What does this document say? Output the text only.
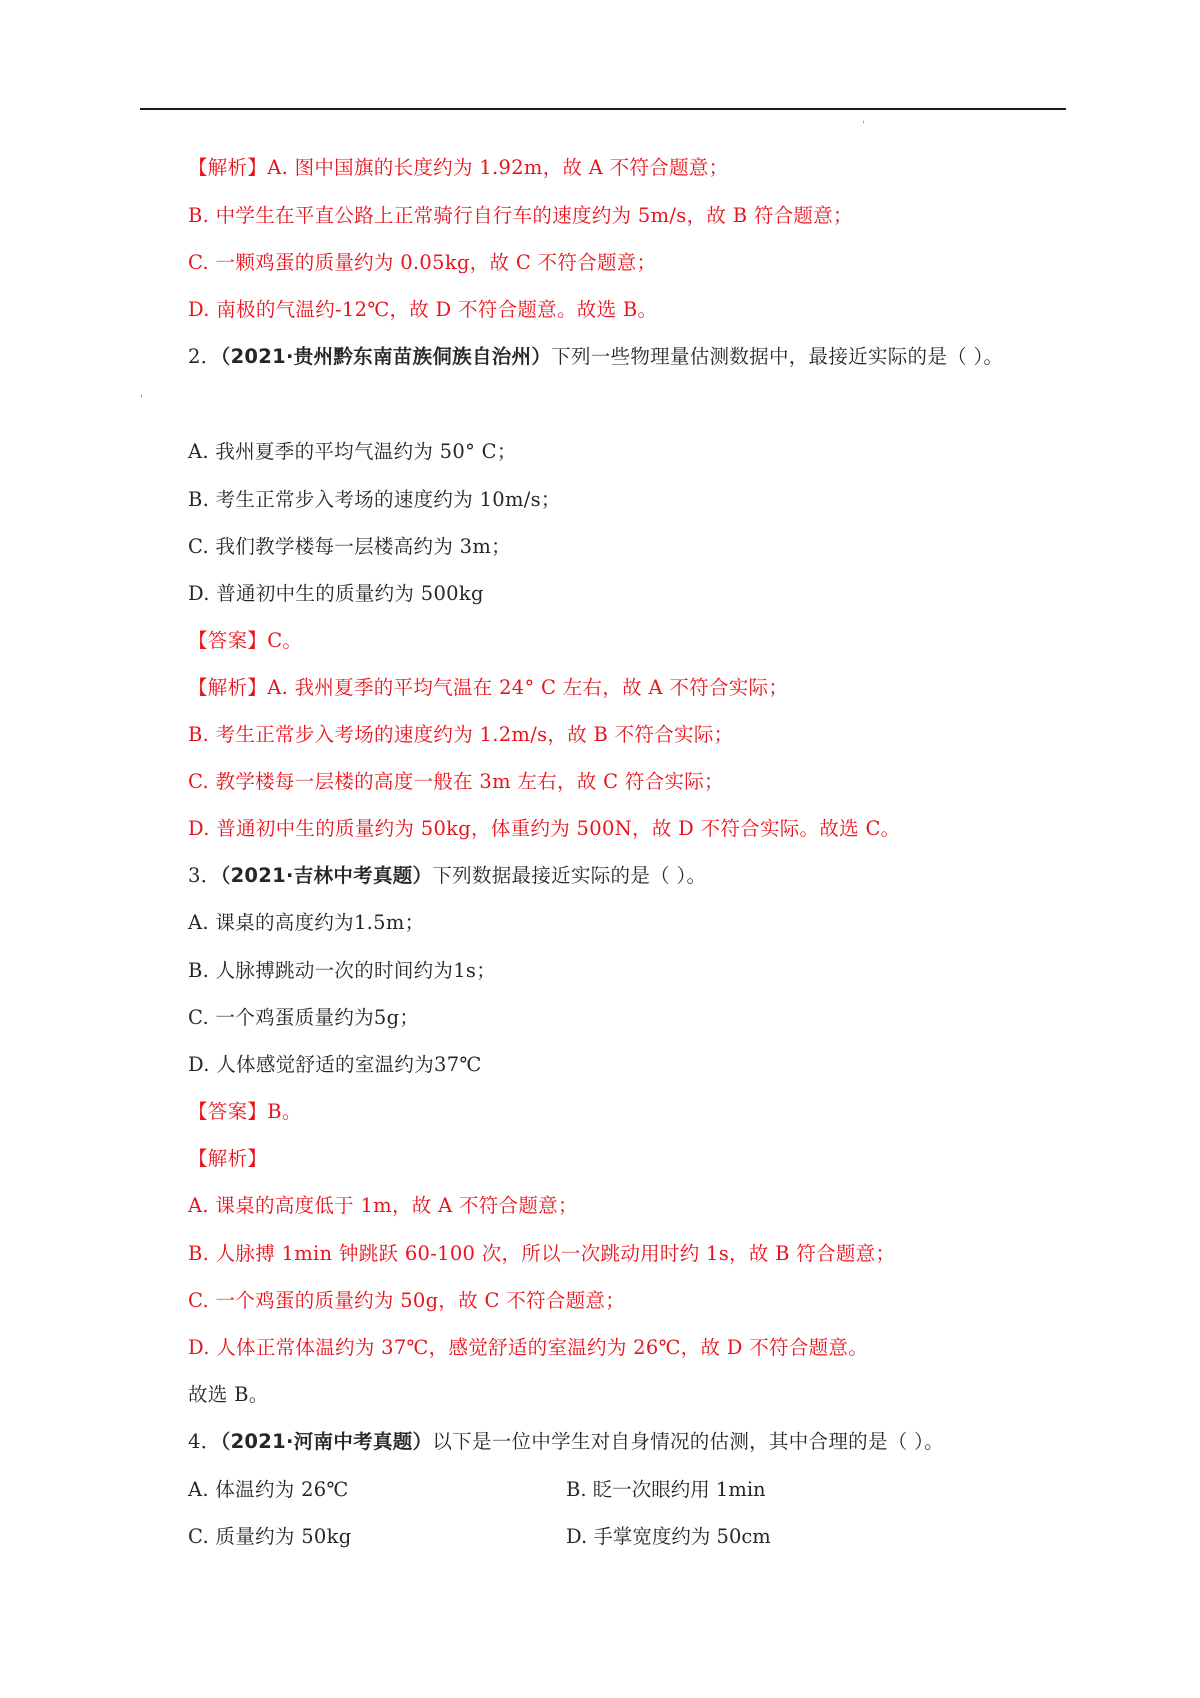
'
'
【解析】A. 图中国旗的长度约为 1.92m，故 A 不符合题意；
B. 中学生在平直公路上正常骑行自行车的速度约为 5m/s，故 B 符合题意；
C. 一颗鸡蛋的质量约为 0.05kg，故 C 不符合题意；
D. 南极的气温约-12℃，故 D 不符合题意。故选 B。
2．（2021·贵州黔东南苗族侗族自治州）下列一些物理量估测数据中，最接近实际的是（ ）。
A. 我州夏季的平均气温约为 50° C；
B. 考生正常步入考场的速度约为 10m/s；
C. 我们教学楼每一层楼高约为 3m；
D. 普通初中生的质量约为 500kg
【答案】C。
【解析】A. 我州夏季的平均气温在 24° C 左右，故 A 不符合实际；
B. 考生正常步入考场的速度约为 1.2m/s，故 B 不符合实际；
C. 教学楼每一层楼的高度一般在 3m 左右，故 C 符合实际；
D. 普通初中生的质量约为 50kg，体重约为 500N，故 D 不符合实际。故选 C。
3．（2021·吉林中考真题）下列数据最接近实际的是（ ）。
A. 课桌的高度约为1.5m；
B. 人脉搏跳动一次的时间约为1s；
C. 一个鸡蛋质量约为5g；
D. 人体感觉舒适的室温约为37℃
【答案】B。
【解析】
A. 课桌的高度低于 1m，故 A 不符合题意；
B. 人脉搏 1min 钟跳跃 60-100 次，所以一次跳动用时约 1s，故 B 符合题意；
C. 一个鸡蛋的质量约为 50g，故 C 不符合题意；
D. 人体正常体温约为 37℃，感觉舒适的室温约为 26℃，故 D 不符合题意。
故选 B。
4．（2021·河南中考真题）以下是一位中学生对自身情况的估测，其中合理的是（ ）。
A. 体温约为 26℃	B. 眨一次眼约用 1min
C. 质量约为 50kg	D. 手掌宽度约为 50cm
